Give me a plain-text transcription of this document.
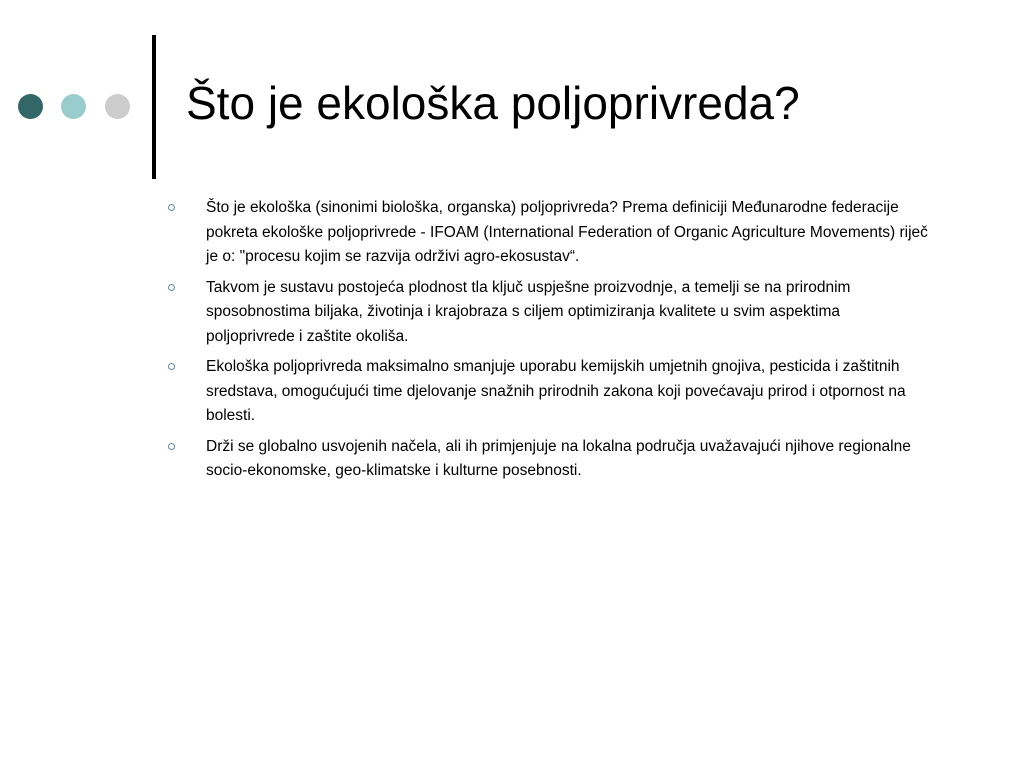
Što je ekološka poljoprivreda?
Što je ekološka (sinonimi biološka, organska) poljoprivreda? Prema definiciji Međunarodne federacije pokreta ekološke poljoprivrede - IFOAM (International Federation of Organic Agriculture Movements) riječ je o: "procesu kojim se razvija održivi agro-ekosustav“.
Takvom je sustavu postojeća plodnost tla ključ uspješne proizvodnje, a temelji se na prirodnim sposobnostima biljaka, životinja i krajobraza s ciljem optimiziranja kvalitete u svim aspektima poljoprivrede i zaštite okoliša.
Ekološka poljoprivreda maksimalno smanjuje uporabu kemijskih umjetnih gnojiva, pesticida i zaštitnih sredstava, omogućujući time djelovanje snažnih prirodnih zakona koji povećavaju prirod i otpornost na bolesti.
Drži se globalno usvojenih načela, ali ih primjenjuje na lokalna područja uvažavajući njihove regionalne socio-ekonomske, geo-klimatske i kulturne posebnosti.
